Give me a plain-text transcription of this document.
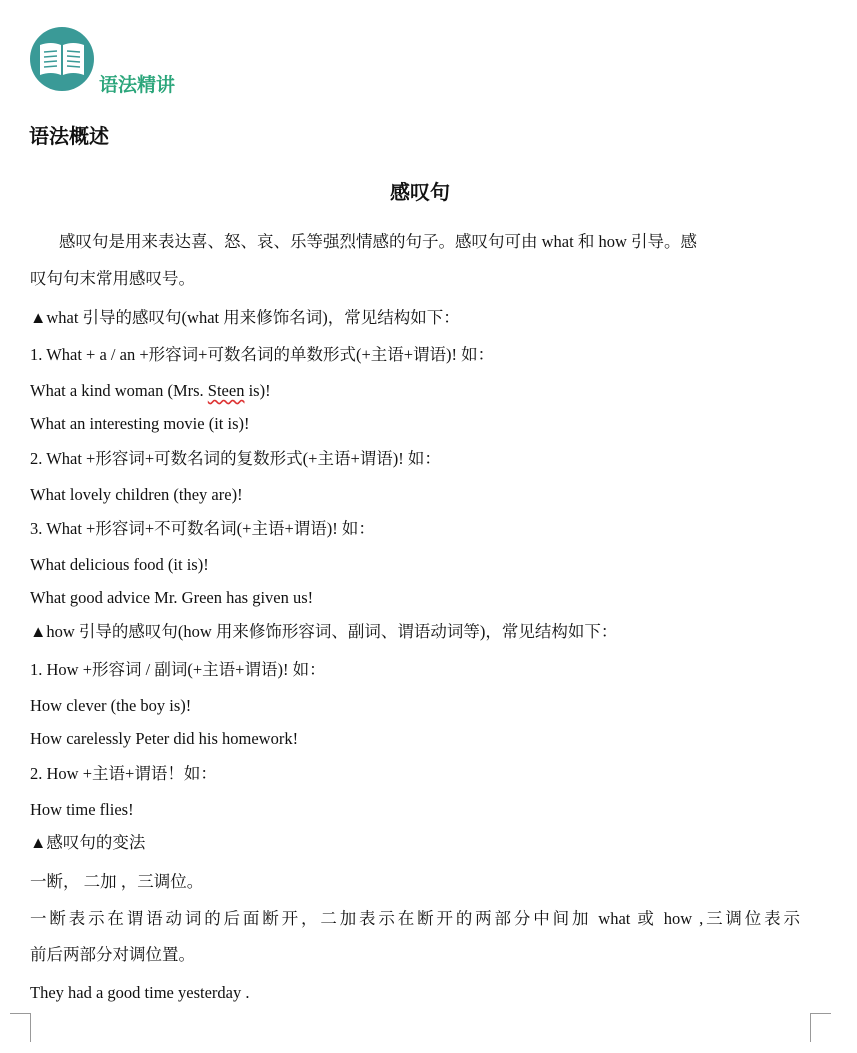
语法精讲
语法概述
感叹句
感叹句是用来表达喜、怒、哀、乐等强烈情感的句子。感叹句可由 what 和 how 引导。感
叹句句末常用感叹号。
▲what 引导的感叹句(what 用来修饰名词)，常见结构如下：
1. What + a / an +形容词+可数名词的单数形式(+主语+谓语)! 如：
What a kind woman (Mrs. Steen is)!
What an interesting movie (it is)!
2. What +形容词+可数名词的复数形式(+主语+谓语)! 如：
What lovely children (they are)!
3. What +形容词+不可数名词(+主语+谓语)! 如：
What delicious food (it is)!
What good advice Mr. Green has given us!
▲how 引导的感叹句(how 用来修饰形容词、副词、谓语动词等)，常见结构如下：
1. How +形容词 / 副词(+主语+谓语)! 如：
How clever (the boy is)!
How carelessly Peter did his homework!
2. How +主语+谓语！如：
How time flies!
▲感叹句的变法
一断， 二加 ，三调位。
一断表示在谓语动词的后面断开，二加表示在断开的两部分中间加 what 或 how ,三调位表示
前后两部分对调位置。
They had a good time yesterday .
